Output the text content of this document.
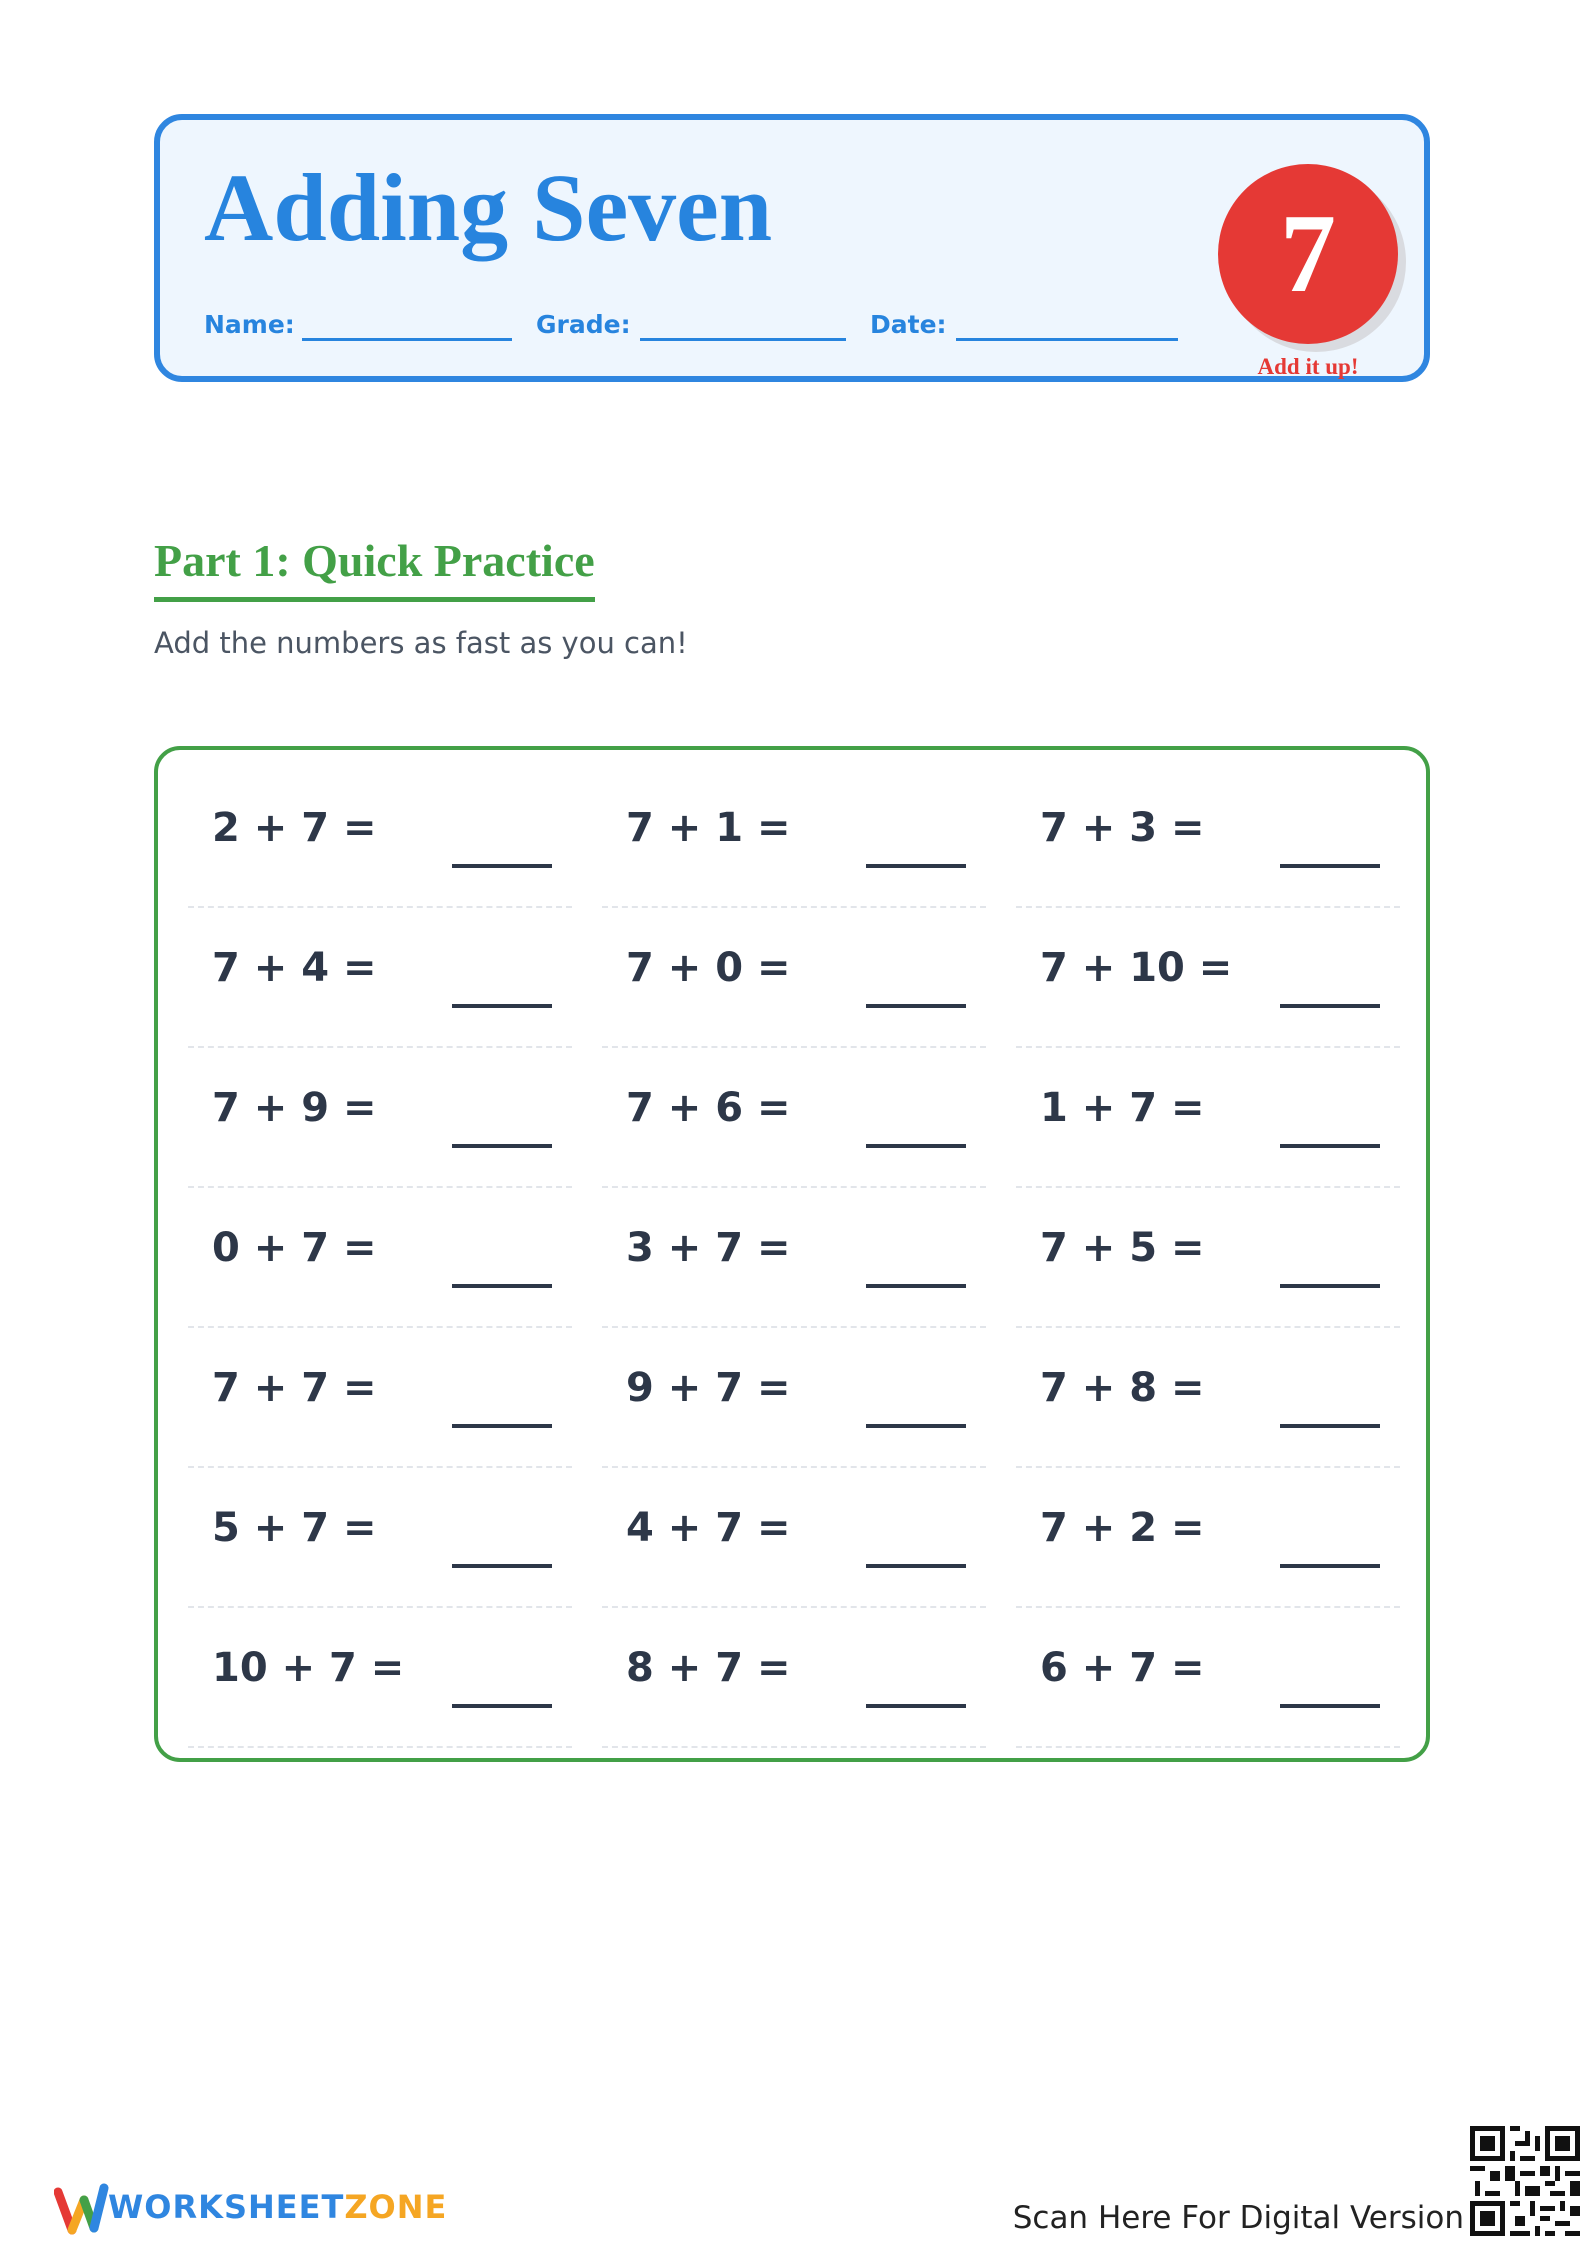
Adding Seven
Name:	Grade:	Date:
7
Add it up!
Part 1: Quick Practice

Add the numbers as fast as you can!

2 + 7 =	7 + 1 =	7 + 3 =
7 + 4 =	7 + 0 =	7 + 10 =
7 + 9 =	7 + 6 =	1 + 7 =
0 + 7 =	3 + 7 =	7 + 5 =
7 + 7 =	9 + 7 =	7 + 8 =
5 + 7 =	4 + 7 =	7 + 2 =
10 + 7 =	8 + 7 =	6 + 7 =
WORKSHEETZONE	Scan Here For Digital Version
